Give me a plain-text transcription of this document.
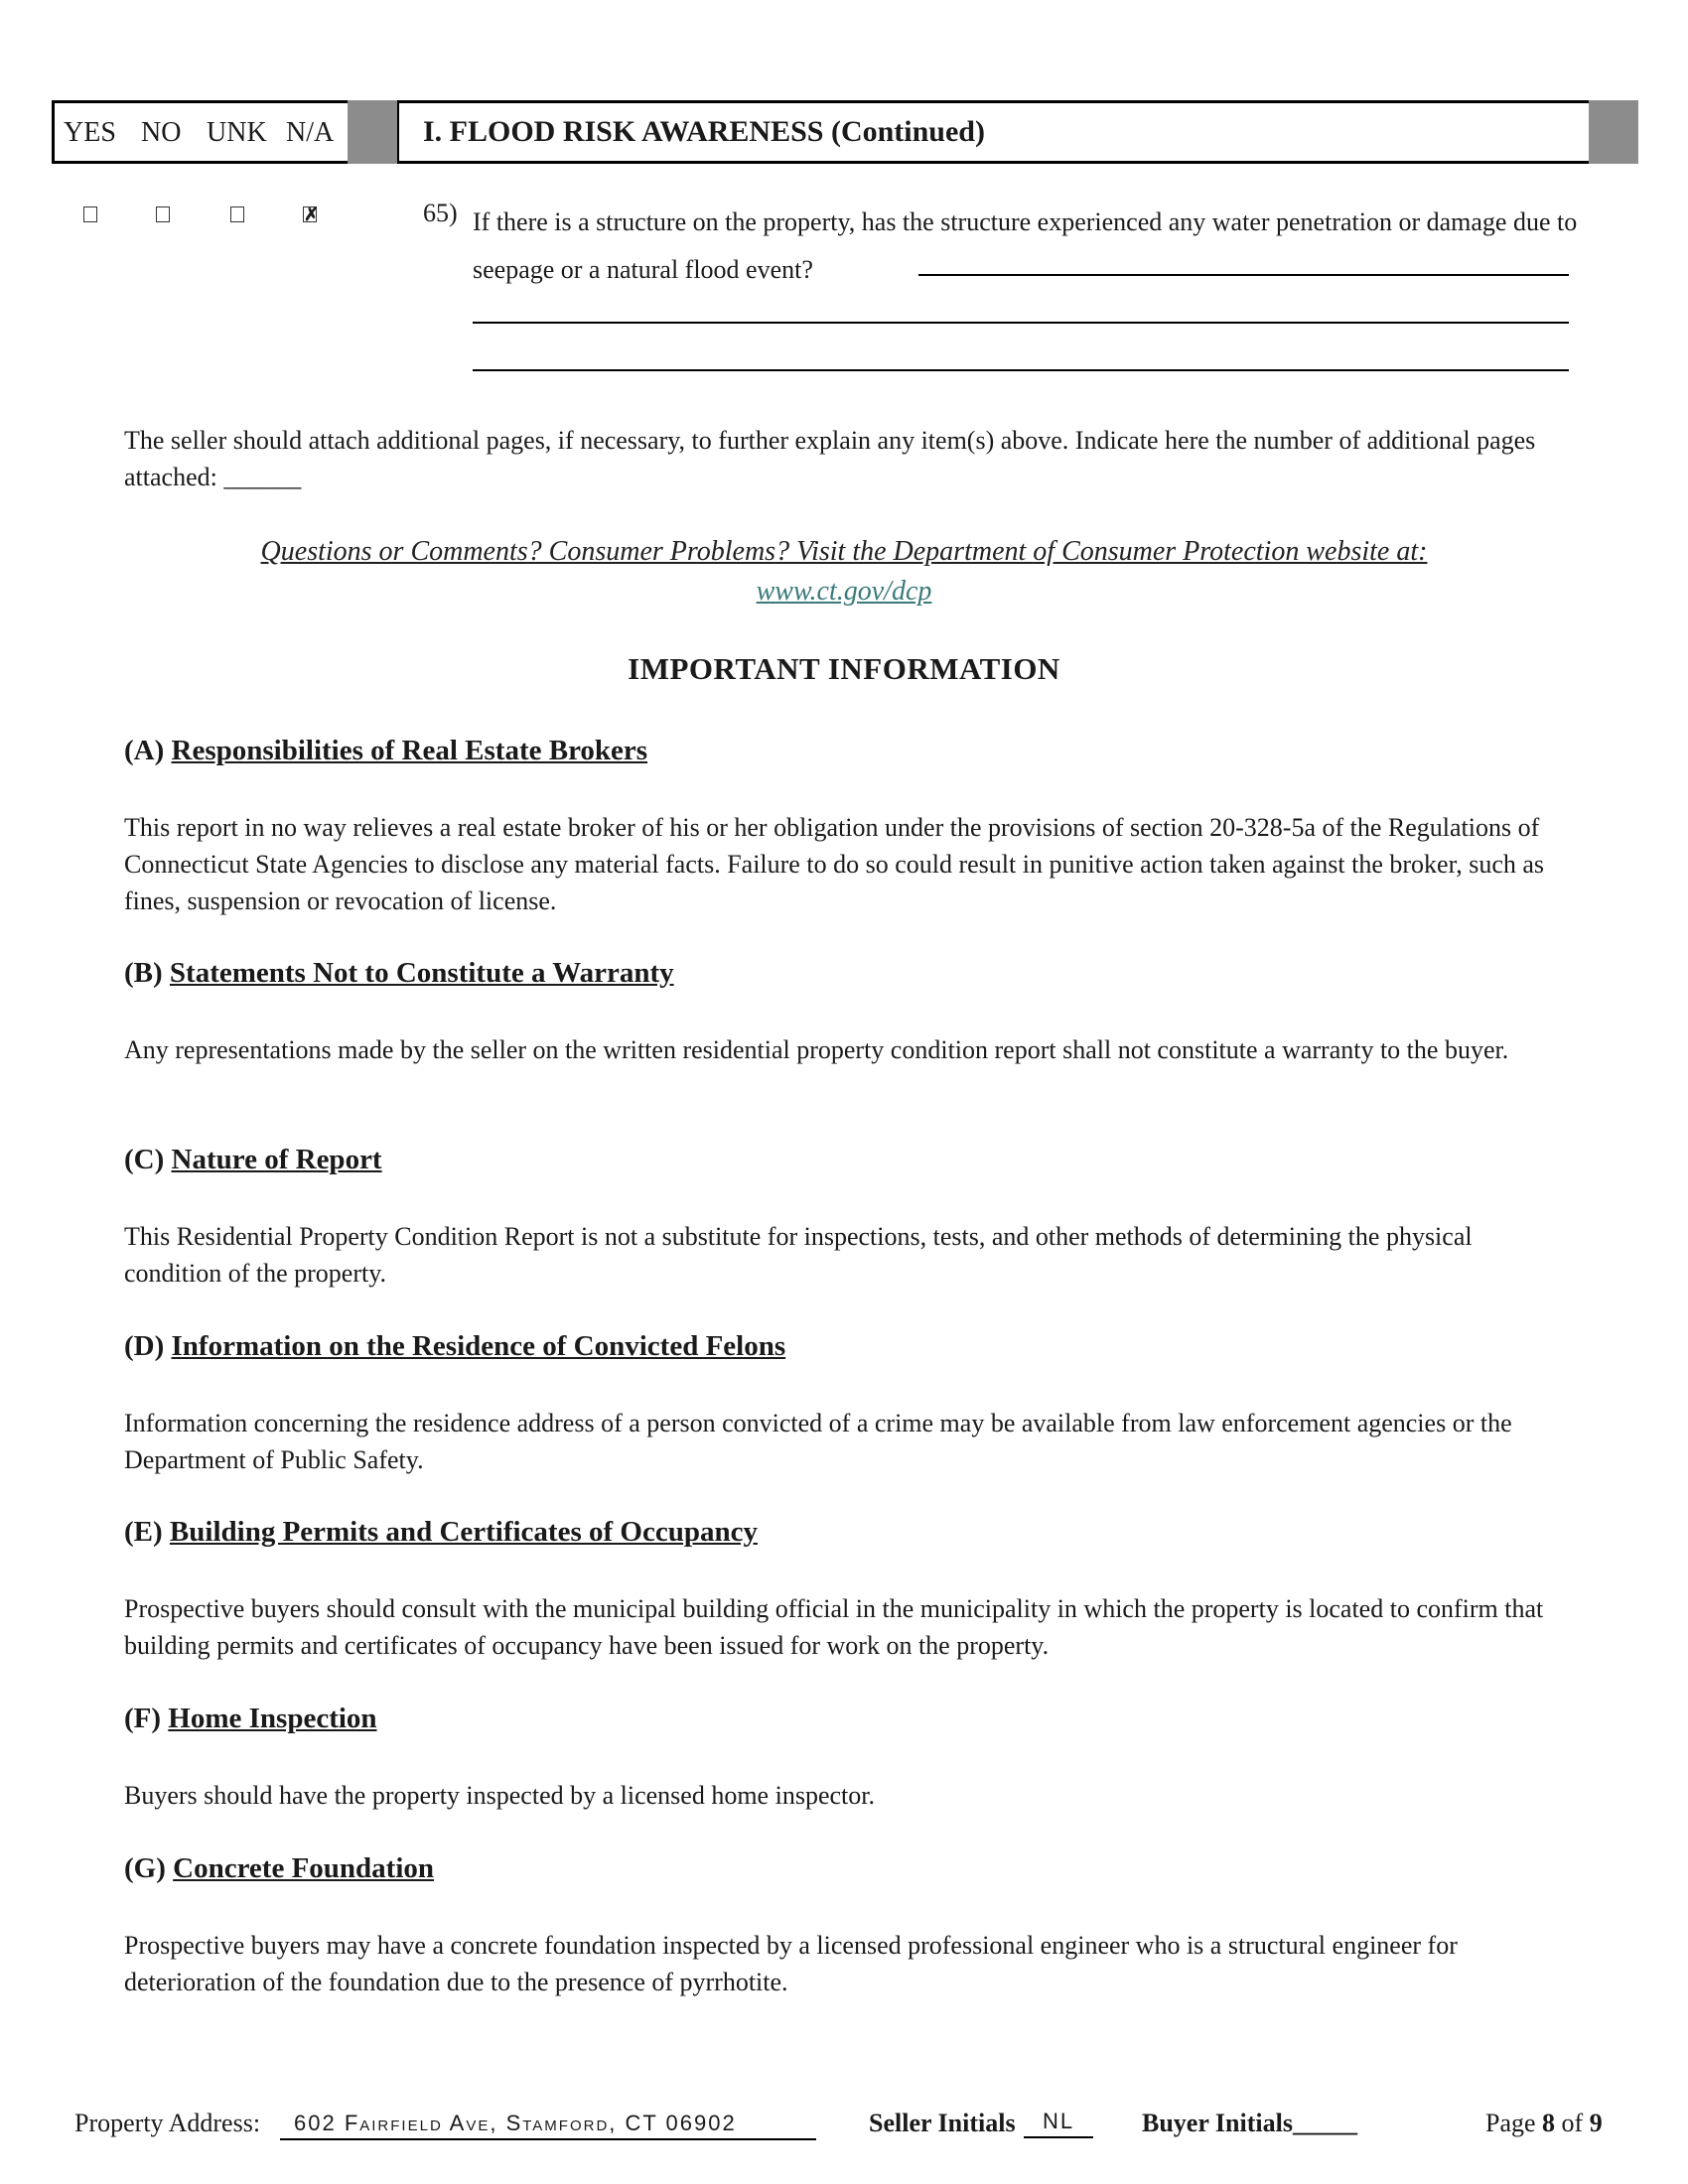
YES NO UNK N/A	I. FLOOD RISK AWARENESS (Continued)
✗	65) If there is a structure on the property, has the structure experienced any water penetration or damage due to seepage or a natural flood event?
The seller should attach additional pages, if necessary, to further explain any item(s) above. Indicate here the number of additional pages attached: ______
Questions or Comments? Consumer Problems? Visit the Department of Consumer Protection website at:
www.ct.gov/dcp
IMPORTANT INFORMATION
(A) Responsibilities of Real Estate Brokers
This report in no way relieves a real estate broker of his or her obligation under the provisions of section 20-328-5a of the Regulations of Connecticut State Agencies to disclose any material facts. Failure to do so could result in punitive action taken against the broker, such as fines, suspension or revocation of license.
(B) Statements Not to Constitute a Warranty
Any representations made by the seller on the written residential property condition report shall not constitute a warranty to the buyer.
(C) Nature of Report
This Residential Property Condition Report is not a substitute for inspections, tests, and other methods of determining the physical condition of the property.
(D) Information on the Residence of Convicted Felons
Information concerning the residence address of a person convicted of a crime may be available from law enforcement agencies or the Department of Public Safety.
(E) Building Permits and Certificates of Occupancy
Prospective buyers should consult with the municipal building official in the municipality in which the property is located to confirm that building permits and certificates of occupancy have been issued for work on the property.
(F) Home Inspection
Buyers should have the property inspected by a licensed home inspector.
(G) Concrete Foundation
Prospective buyers may have a concrete foundation inspected by a licensed professional engineer who is a structural engineer for deterioration of the foundation due to the presence of pyrrhotite.
Property Address:	602 Fairfield Ave, Stamford, CT 06902	Seller Initials	NL	Buyer Initials_____	Page 8 of 9
